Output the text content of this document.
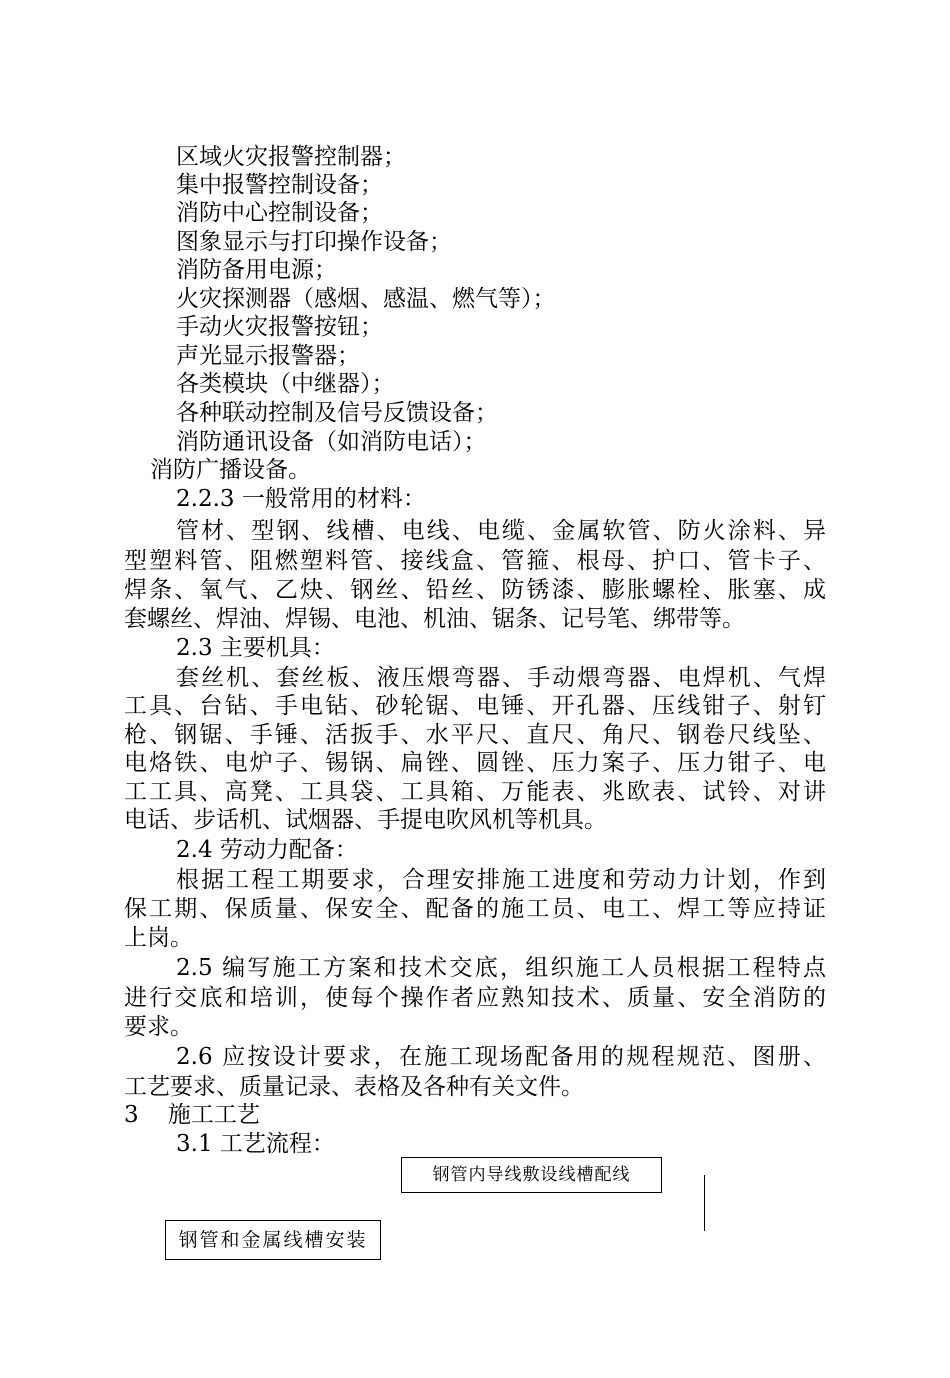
区域火灾报警控制器；
集中报警控制设备；
消防中心控制设备；
图象显示与打印操作设备；
消防备用电源；
火灾探测器（感烟、感温、燃气等）；
手动火灾报警按钮；
声光显示报警器；
各类模块（中继器）；
各种联动控制及信号反馈设备；
消防通讯设备（如消防电话）；
消防广播设备。
2.2.3 一般常用的材料：
管材、型钢、线槽、电线、电缆、金属软管、防火涂料、异
型塑料管、阻燃塑料管、接线盒、管箍、根母、护口、管卡子、
焊条、氧气、乙炔、钢丝、铅丝、防锈漆、膨胀螺栓、胀塞、成
套螺丝、焊油、焊锡、电池、机油、锯条、记号笔、绑带等。
2.3 主要机具：
套丝机、套丝板、液压煨弯器、手动煨弯器、电焊机、气焊
工具、台钻、手电钻、砂轮锯、电锤、开孔器、压线钳子、射钉
枪、钢锯、手锤、活扳手、水平尺、直尺、角尺、钢卷尺线坠、
电烙铁、电炉子、锡锅、扁锉、圆锉、压力案子、压力钳子、电
工工具、高凳、工具袋、工具箱、万能表、兆欧表、试铃、对讲
电话、步话机、试烟器、手提电吹风机等机具。
2.4 劳动力配备：
根据工程工期要求，合理安排施工进度和劳动力计划，作到
保工期、保质量、保安全、配备的施工员、电工、焊工等应持证
上岗。
2.5 编写施工方案和技术交底，组织施工人员根据工程特点
进行交底和培训，使每个操作者应熟知技术、质量、安全消防的
要求。
2.6 应按设计要求，在施工现场配备用的规程规范、图册、
工艺要求、质量记录、表格及各种有关文件。
3    施工工艺
3.1 工艺流程：
钢管内导线敷设线槽配线
钢管和金属线槽安装
